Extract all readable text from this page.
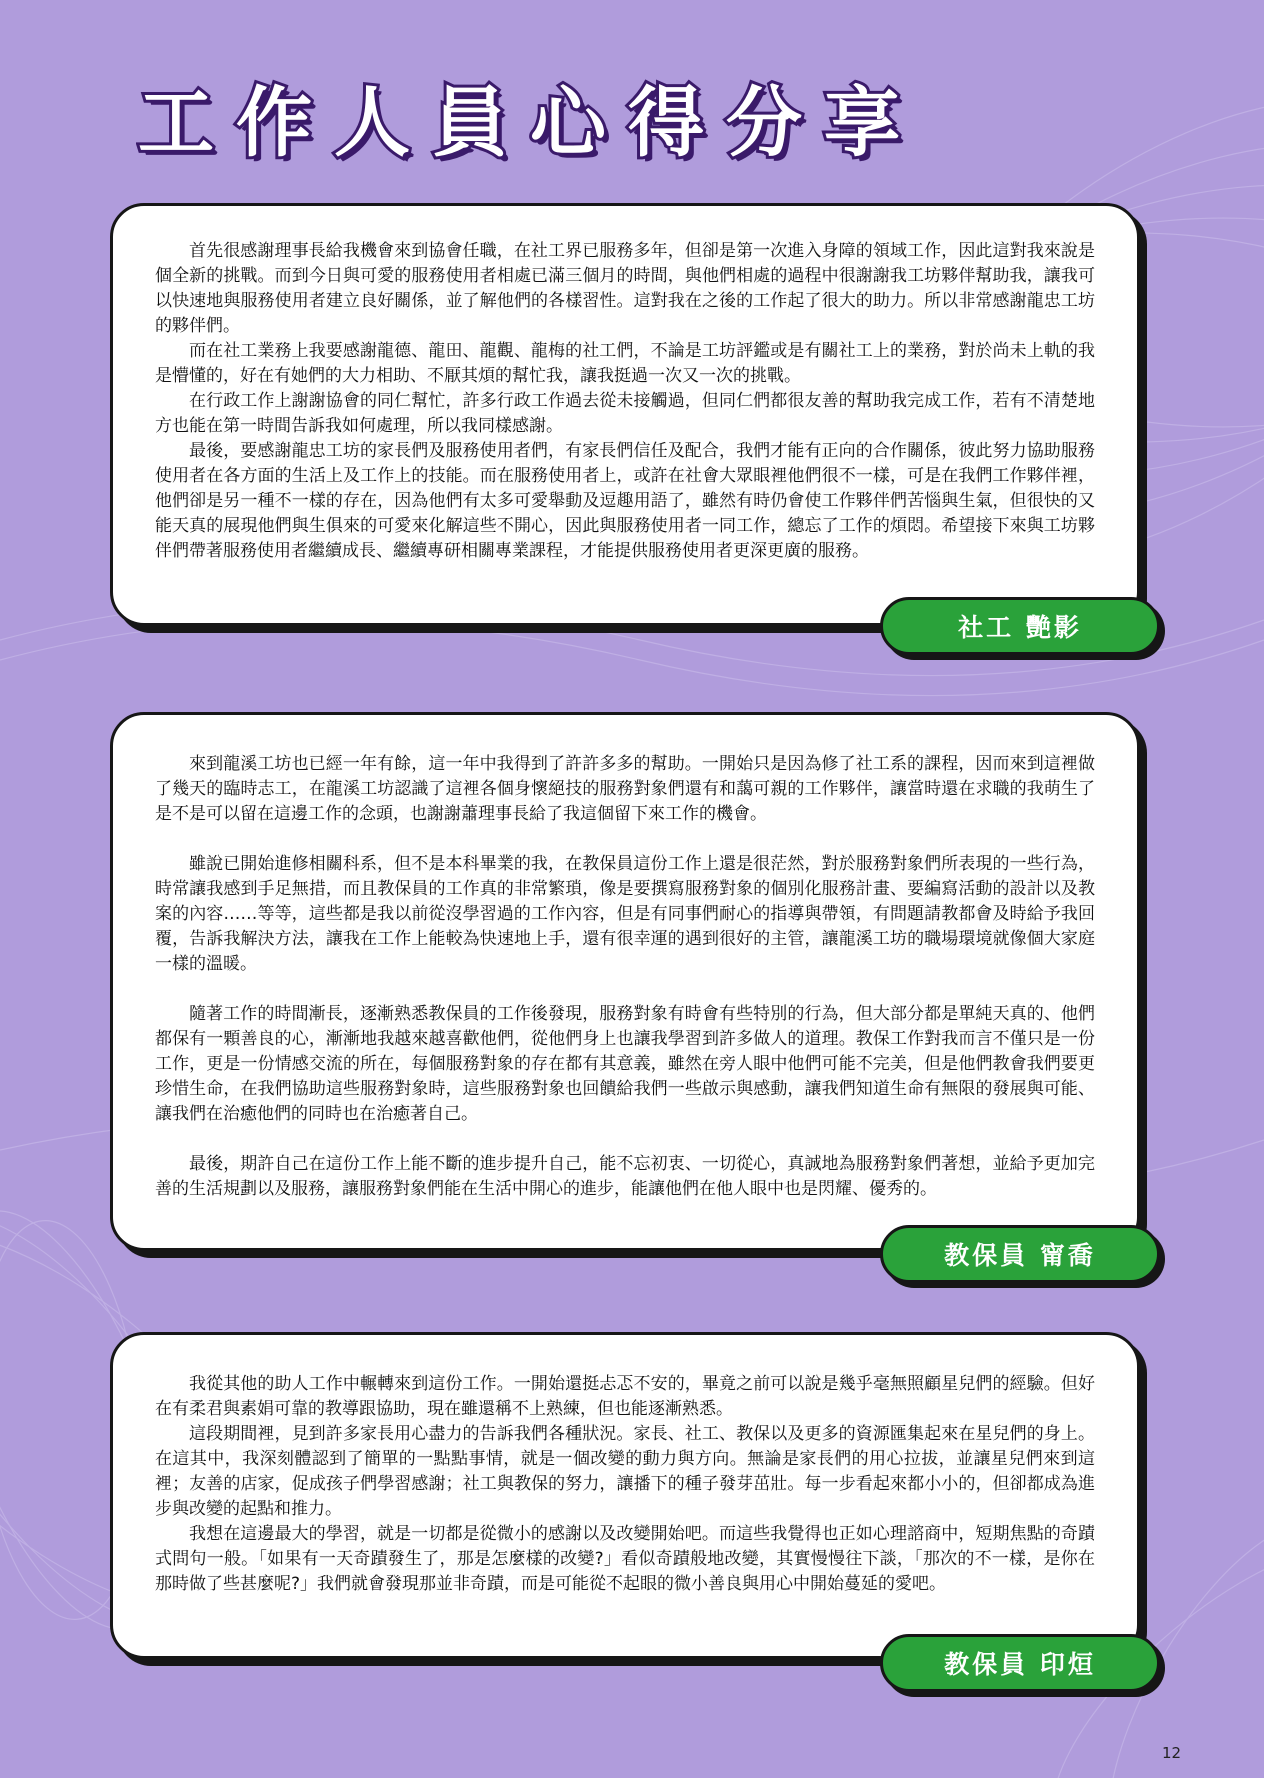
工作人員心得分享

首先很感謝理事長給我機會來到協會任職，在社工界已服務多年，但卻是第一次進入身障的領域工作，因此這對我來說是個全新的挑戰。而到今日與可愛的服務使用者相處已滿三個月的時間，與他們相處的過程中很謝謝我工坊夥伴幫助我，讓我可以快速地與服務使用者建立良好關係，並了解他們的各樣習性。這對我在之後的工作起了很大的助力。所以非常感謝龍忠工坊的夥伴們。

而在社工業務上我要感謝龍德、龍田、龍觀、龍梅的社工們，不論是工坊評鑑或是有關社工上的業務，對於尚未上軌的我是懵懂的，好在有她們的大力相助、不厭其煩的幫忙我，讓我挺過一次又一次的挑戰。

在行政工作上謝謝協會的同仁幫忙，許多行政工作過去從未接觸過，但同仁們都很友善的幫助我完成工作，若有不清楚地方也能在第一時間告訴我如何處理，所以我同樣感謝。

最後，要感謝龍忠工坊的家長們及服務使用者們，有家長們信任及配合，我們才能有正向的合作關係，彼此努力協助服務使用者在各方面的生活上及工作上的技能。而在服務使用者上，或許在社會大眾眼裡他們很不一樣，可是在我們工作夥伴裡，他們卻是另一種不一樣的存在，因為他們有太多可愛舉動及逗趣用語了，雖然有時仍會使工作夥伴們苦惱與生氣，但很快的又能天真的展現他們與生俱來的可愛來化解這些不開心，因此與服務使用者一同工作，總忘了工作的煩悶。希望接下來與工坊夥伴們帶著服務使用者繼續成長、繼續專研相關專業課程，才能提供服務使用者更深更廣的服務。

社工 艷影

來到龍溪工坊也已經一年有餘，這一年中我得到了許許多多的幫助。一開始只是因為修了社工系的課程，因而來到這裡做了幾天的臨時志工，在龍溪工坊認識了這裡各個身懷絕技的服務對象們還有和藹可親的工作夥伴，讓當時還在求職的我萌生了是不是可以留在這邊工作的念頭，也謝謝蕭理事長給了我這個留下來工作的機會。

雖說已開始進修相關科系，但不是本科畢業的我，在教保員這份工作上還是很茫然，對於服務對象們所表現的一些行為，時常讓我感到手足無措，而且教保員的工作真的非常繁瑣，像是要撰寫服務對象的個別化服務計畫、要編寫活動的設計以及教案的內容……等等，這些都是我以前從沒學習過的工作內容，但是有同事們耐心的指導與帶領，有問題請教都會及時給予我回覆，告訴我解決方法，讓我在工作上能較為快速地上手，還有很幸運的遇到很好的主管，讓龍溪工坊的職場環境就像個大家庭一樣的溫暖。

隨著工作的時間漸長，逐漸熟悉教保員的工作後發現，服務對象有時會有些特別的行為，但大部分都是單純天真的、他們都保有一顆善良的心，漸漸地我越來越喜歡他們，從他們身上也讓我學習到許多做人的道理。教保工作對我而言不僅只是一份工作，更是一份情感交流的所在，每個服務對象的存在都有其意義，雖然在旁人眼中他們可能不完美，但是他們教會我們要更珍惜生命，在我們協助這些服務對象時，這些服務對象也回饋給我們一些啟示與感動，讓我們知道生命有無限的發展與可能、讓我們在治癒他們的同時也在治癒著自己。

最後，期許自己在這份工作上能不斷的進步提升自己，能不忘初衷、一切從心，真誠地為服務對象們著想，並給予更加完善的生活規劃以及服務，讓服務對象們能在生活中開心的進步，能讓他們在他人眼中也是閃耀、優秀的。

教保員 甯喬

我從其他的助人工作中輾轉來到這份工作。一開始還挺忐忑不安的，畢竟之前可以說是幾乎毫無照顧星兒們的經驗。但好在有柔君與素娟可靠的教導跟協助，現在雖還稱不上熟練，但也能逐漸熟悉。

這段期間裡，見到許多家長用心盡力的告訴我們各種狀況。家長、社工、教保以及更多的資源匯集起來在星兒們的身上。在這其中，我深刻體認到了簡單的一點點事情，就是一個改變的動力與方向。無論是家長們的用心拉拔，並讓星兒們來到這裡；友善的店家，促成孩子們學習感謝；社工與教保的努力，讓播下的種子發芽茁壯。每一步看起來都小小的，但卻都成為進步與改變的起點和推力。

我想在這邊最大的學習，就是一切都是從微小的感謝以及改變開始吧。而這些我覺得也正如心理諮商中，短期焦點的奇蹟式問句一般。「如果有一天奇蹟發生了，那是怎麼樣的改變?」看似奇蹟般地改變，其實慢慢往下談，「那次的不一樣，是你在那時做了些甚麼呢?」我們就會發現那並非奇蹟，而是可能從不起眼的微小善良與用心中開始蔓延的愛吧。

教保員 印烜
12
